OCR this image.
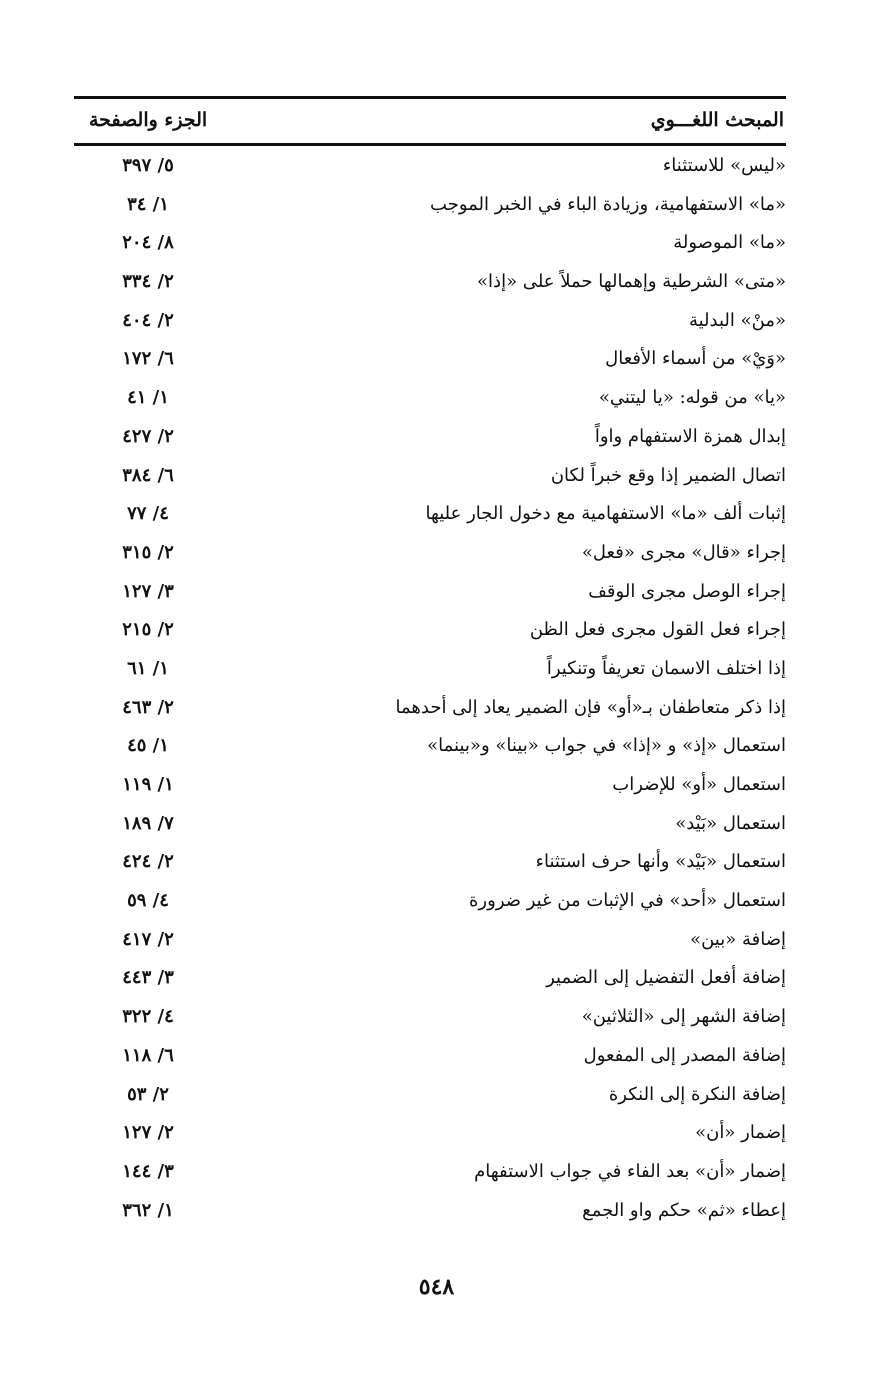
المبحث اللغـــوي
الجزء والصفحة
«ليس» للاستثناء
٥/ ٣٩٧
«ما» الاستفهامية، وزيادة الباء في الخبر الموجب
١/ ٣٤
«ما» الموصولة
٨/ ٢٠٤
«متى» الشرطية وإهمالها حملاً على «إذا»
٢/ ٣٣٤
«منْ» البدلية
٢/ ٤٠٤
«وَيْ» من أسماء الأفعال
٦/ ١٧٢
«يا» من قوله: «يا ليتني»
١/ ٤١
إبدال همزة الاستفهام واواً
٢/ ٤٢٧
اتصال الضمير إذا وقع خبراً لكان
٦/ ٣٨٤
إثبات ألف «ما» الاستفهامية مع دخول الجار عليها
٤/ ٧٧
إجراء «قال» مجرى «فعل»
٢/ ٣١٥
إجراء الوصل مجرى الوقف
٣/ ١٢٧
إجراء فعل القول مجرى فعل الظن
٢/ ٢١٥
إذا اختلف الاسمان تعريفاً وتنكيراً
١/ ٦١
إذا ذكر متعاطفان بـ«أو» فإن الضمير يعاد إلى أحدهما
٢/ ٤٦٣
استعمال «إذ» و «إذا» في جواب «بينا» و«بينما»
١/ ٤٥
استعمال «أو» للإضراب
١/ ١١٩
استعمال «بَيْد»
٧/ ١٨٩
استعمال «بَيْد» وأنها حرف استثناء
٢/ ٤٢٤
استعمال «أحد» في الإثبات من غير ضرورة
٤/ ٥٩
إضافة «بين»
٢/ ٤١٧
إضافة أفعل التفضيل إلى الضمير
٣/ ٤٤٣
إضافة الشهر إلى «الثلاثين»
٤/ ٣٢٢
إضافة المصدر إلى المفعول
٦/ ١١٨
إضافة النكرة إلى النكرة
٢/ ٥٣
إضمار «أن»
٢/ ١٢٧
إضمار «أن» بعد الفاء في جواب الاستفهام
٣/ ١٤٤
إعطاء «ثم» حكم واو الجمع
١/ ٣٦٢
٥٤٨
